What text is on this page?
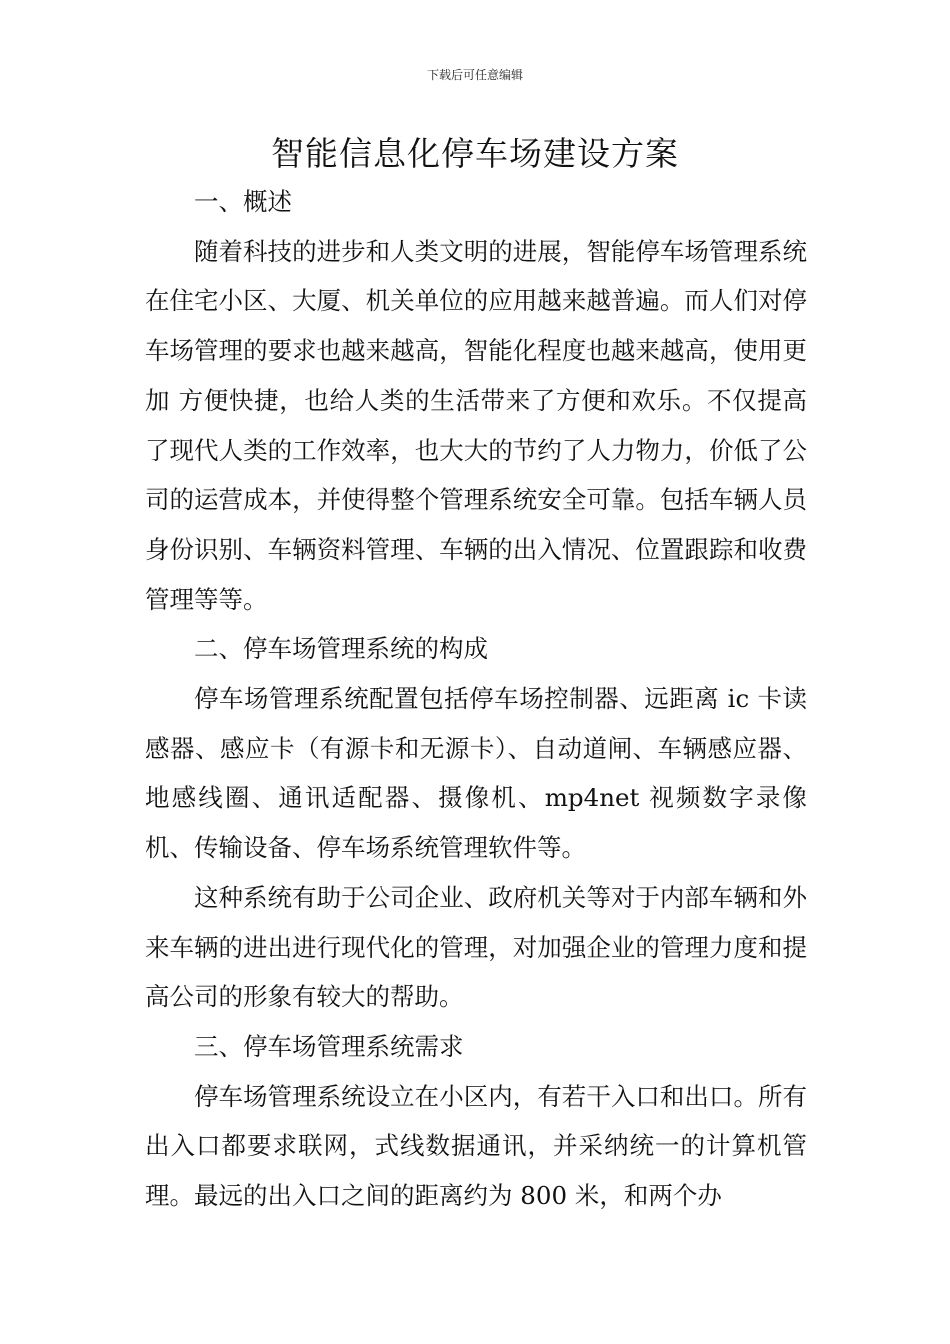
下载后可任意编辑
智能信息化停车场建设方案

一、概述

随着科技的进步和人类文明的进展，智能停车场管理系统在住宅小区、大厦、机关单位的应用越来越普遍。而人们对停车场管理的要求也越来越高，智能化程度也越来越高，使用更加 方便快捷，也给人类的生活带来了方便和欢乐。不仅提高了现代人类的工作效率，也大大的节约了人力物力，价低了公司的运营成本，并使得整个管理系统安全可靠。包括车辆人员身份识别、车辆资料管理、车辆的出入情况、位置跟踪和收费管理等等。

二、停车场管理系统的构成

停车场管理系统配置包括停车场控制器、远距离 ic 卡读感器、感应卡（有源卡和无源卡）、自动道闸、车辆感应器、地感线圈、通讯适配器、摄像机、mp4net 视频数字录像机、传输设备、停车场系统管理软件等。

这种系统有助于公司企业、政府机关等对于内部车辆和外来车辆的进出进行现代化的管理，对加强企业的管理力度和提高公司的形象有较大的帮助。

三、停车场管理系统需求

停车场管理系统设立在小区内，有若干入口和出口。所有出入口都要求联网，式线数据通讯，并采纳统一的计算机管理。最远的出入口之间的距离约为 800 米，和两个办
